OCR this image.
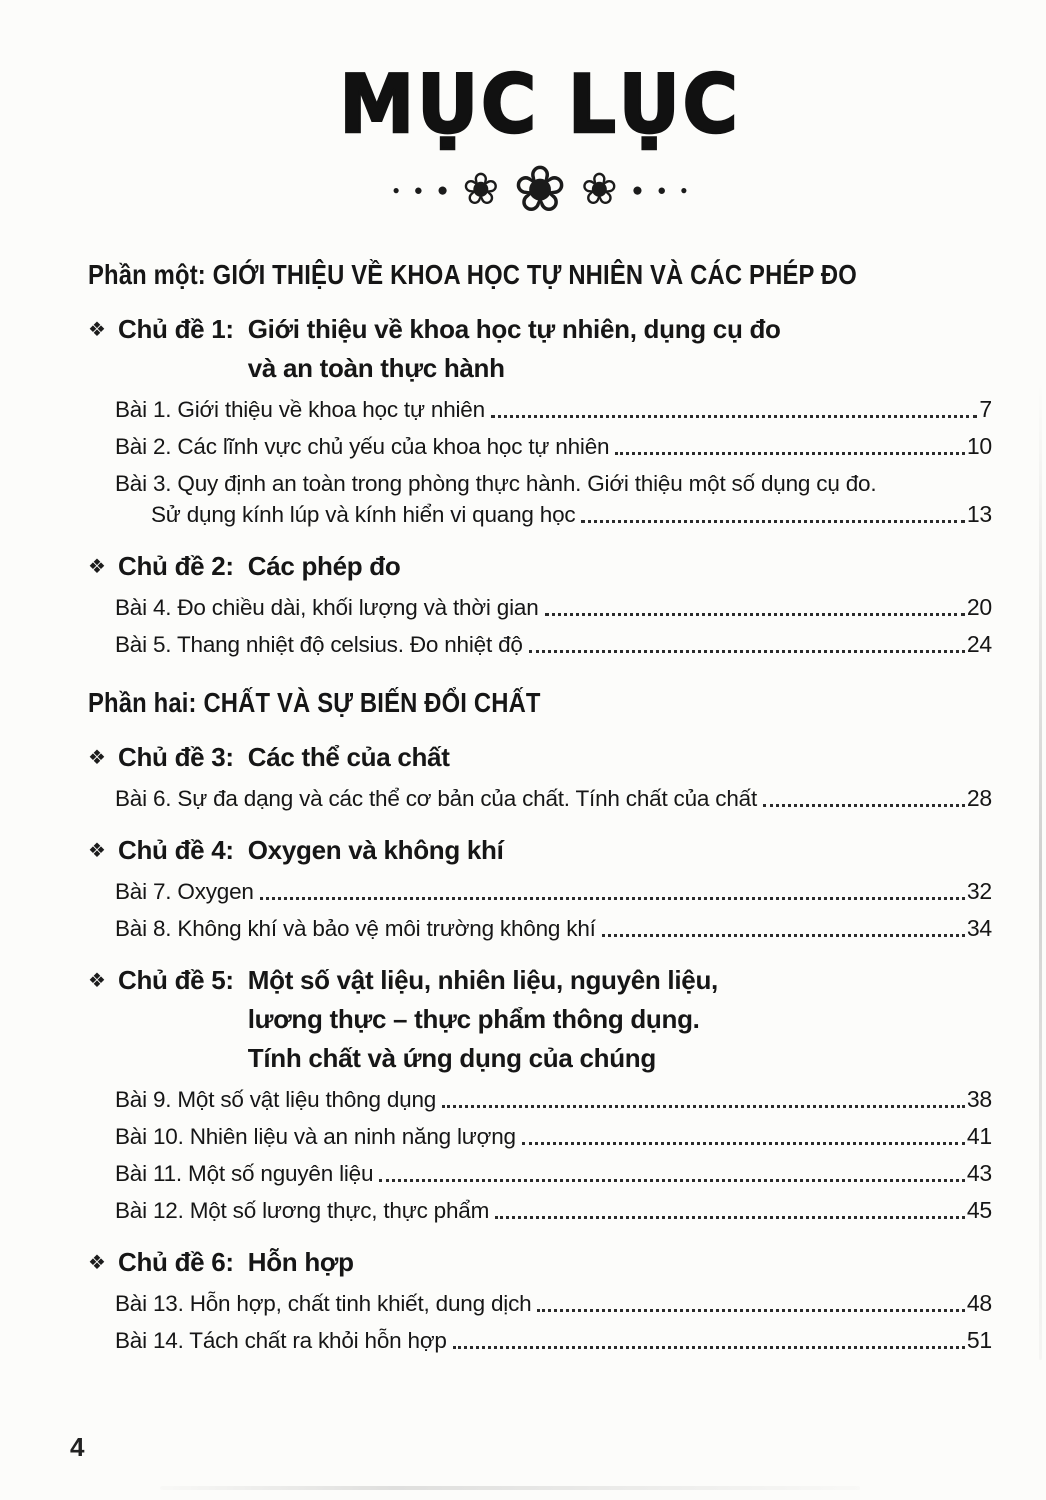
MỤC LỤC
● ● ● ❀ ❀ ❀ ● ● ●
Phần một: GIỚI THIỆU VỀ KHOA HỌC TỰ NHIÊN VÀ CÁC PHÉP ĐO
❖ Chủ đề 1: Giới thiệu về khoa học tự nhiên, dụng cụ đo
và an toàn thực hành
Bài 1. Giới thiệu về khoa học tự nhiên	7
Bài 2. Các lĩnh vực chủ yếu của khoa học tự nhiên	10
Bài 3. Quy định an toàn trong phòng thực hành. Giới thiệu một số dụng cụ đo.
Sử dụng kính lúp và kính hiển vi quang học	13
❖ Chủ đề 2: Các phép đo
Bài 4. Đo chiều dài, khối lượng và thời gian	20
Bài 5. Thang nhiệt độ celsius. Đo nhiệt độ	24
Phần hai: CHẤT VÀ SỰ BIẾN ĐỔI CHẤT
❖ Chủ đề 3: Các thể của chất
Bài 6. Sự đa dạng và các thể cơ bản của chất. Tính chất của chất	28
❖ Chủ đề 4: Oxygen và không khí
Bài 7. Oxygen	32
Bài 8. Không khí và bảo vệ môi trường không khí	34
❖ Chủ đề 5: Một số vật liệu, nhiên liệu, nguyên liệu,
lương thực – thực phẩm thông dụng.
Tính chất và ứng dụng của chúng
Bài 9. Một số vật liệu thông dụng	38
Bài 10. Nhiên liệu và an ninh năng lượng	41
Bài 11. Một số nguyên liệu	43
Bài 12. Một số lương thực, thực phẩm	45
❖ Chủ đề 6: Hỗn hợp
Bài 13. Hỗn hợp, chất tinh khiết, dung dịch	48
Bài 14. Tách chất ra khỏi hỗn hợp	51
4
